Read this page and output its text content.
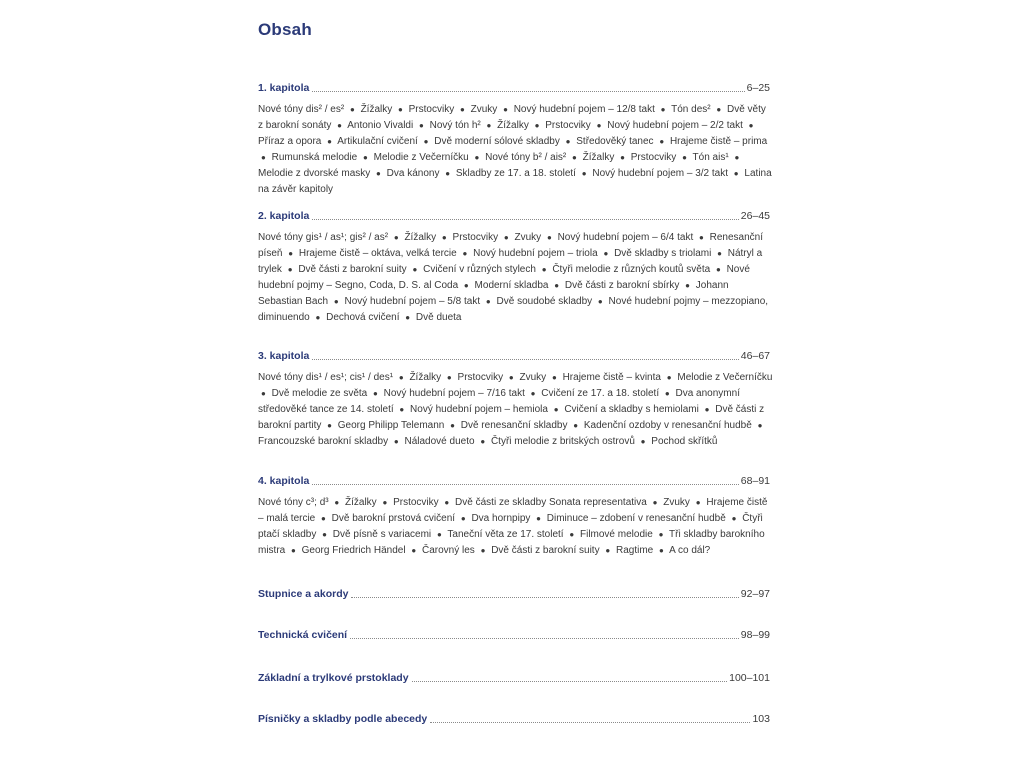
Obsah
1. kapitola	6–25
Nové tóny dis² / es² ● Žížalky ● Prstocviky ● Zvuky ● Nový hudební pojem – 12/8 takt ● Tón des² ● Dvě věty z barokní sonáty ● Antonio Vivaldi ● Nový tón h² ● Žížalky ● Prstocviky ● Nový hudební pojem – 2/2 takt ● Příraz a opora ● Artikulační cvičení ● Dvě moderní sólové skladby ● Středověký tanec ● Hrajeme čistě – prima ● Rumunská melodie ● Melodie z Večerníčku ● Nové tóny b² / ais² ● Žížalky ● Prstocviky ● Tón ais¹ ● Melodie z dvorské masky ● Dva kánony ● Skladby ze 17. a 18. století ● Nový hudební pojem – 3/2 takt ● Latina na závěr kapitoly
2. kapitola	26–45
Nové tóny gis¹ / as¹; gis² / as² ● Žížalky ● Prstocviky ● Zvuky ● Nový hudební pojem – 6/4 takt ● Renesanční píseň ● Hrajeme čistě – oktáva, velká tercie ● Nový hudební pojem – triola ● Dvě skladby s triolami ● Nátryl a trylek ● Dvě části z barokní suity ● Cvičení v různých stylech ● Čtyři melodie z různých koutů světa ● Nové hudební pojmy – Segno, Coda, D. S. al Coda ● Moderní skladba ● Dvě části z barokní sbírky ● Johann Sebastian Bach ● Nový hudební pojem – 5/8 takt ● Dvě soudobé skladby ● Nové hudební pojmy – mezzopiano, diminuendo ● Dechová cvičení ● Dvě dueta
3. kapitola	46–67
Nové tóny dis¹ / es¹; cis¹ / des¹ ● Žížalky ● Prstocviky ● Zvuky ● Hrajeme čistě – kvinta ● Melodie z Večerníčku ● Dvě melodie ze světa ● Nový hudební pojem – 7/16 takt ● Cvičení ze 17. a 18. století ● Dva anonymní středověké tance ze 14. století ● Nový hudební pojem – hemiola ● Cvičení a skladby s hemiolami ● Dvě části z barokní partity ● Georg Philipp Telemann ● Dvě renesanční skladby ● Kadenční ozdoby v renesanční hudbě ● Francouzské barokní skladby ● Náladové dueto ● Čtyři melodie z britských ostrovů ● Pochod skřítků
4. kapitola	68–91
Nové tóny c³; d³ ● Žížalky ● Prstocviky ● Dvě části ze skladby Sonata representativa ● Zvuky ● Hrajeme čistě – malá tercie ● Dvě barokní prstová cvičení ● Dva hornpipy ● Diminuce – zdobení v renesanční hudbě ● Čtyři ptačí skladby ● Dvě písně s variacemi ● Taneční věta ze 17. století ● Filmové melodie ● Tři skladby barokního mistra ● Georg Friedrich Händel ● Čarovný les ● Dvě části z barokní suity ● Ragtime ● A co dál?
Stupnice a akordy	92–97
Technická cvičení	98–99
Základní a trylkové prstoklady	100–101
Písničky a skladby podle abecedy	103
